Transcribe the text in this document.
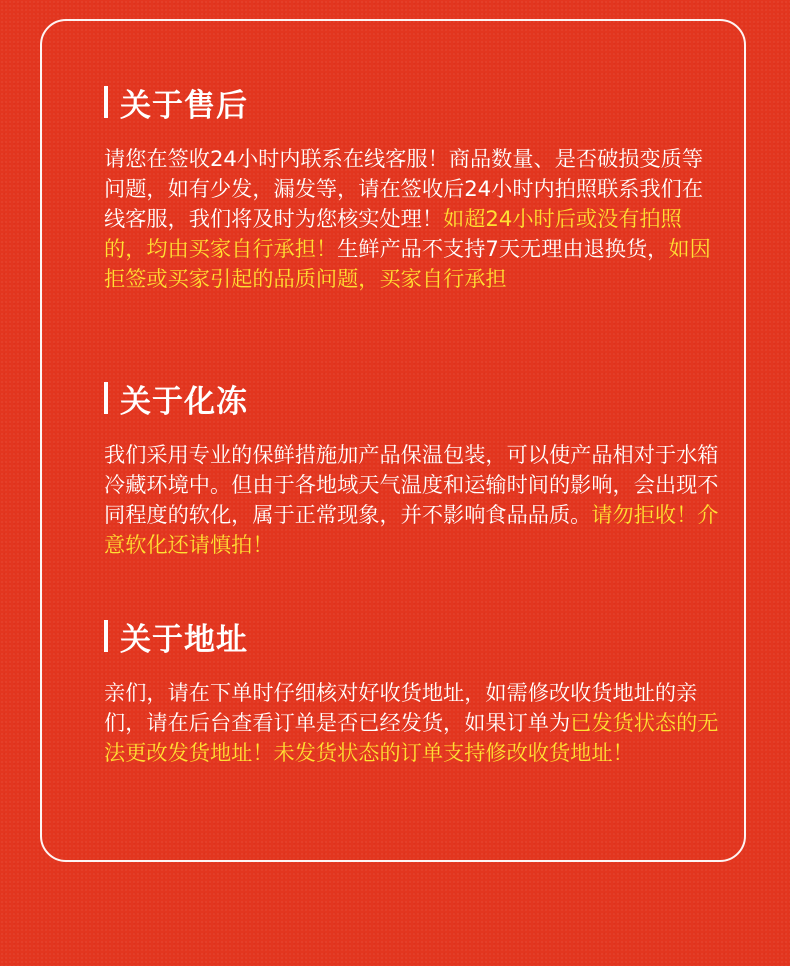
关于售后
请您在签收24小时内联系在线客服！商品数量、是否破损变质等问题，如有少发，漏发等，请在签收后24小时内拍照联系我们在线客服，我们将及时为您核实处理！如超24小时后或没有拍照的，均由买家自行承担！生鲜产品不支持7天无理由退换货，如因拒签或买家引起的品质问题，买家自行承担
关于化冻
我们采用专业的保鲜措施加产品保温包装，可以使产品相对于水箱冷藏环境中。但由于各地域天气温度和运输时间的影响，会出现不同程度的软化，属于正常现象，并不影响食品品质。请勿拒收！介意软化还请慎拍！
关于地址
亲们，请在下单时仔细核对好收货地址，如需修改收货地址的亲们，请在后台查看订单是否已经发货，如果订单为已发货状态的无法更改发货地址！未发货状态的订单支持修改收货地址！
